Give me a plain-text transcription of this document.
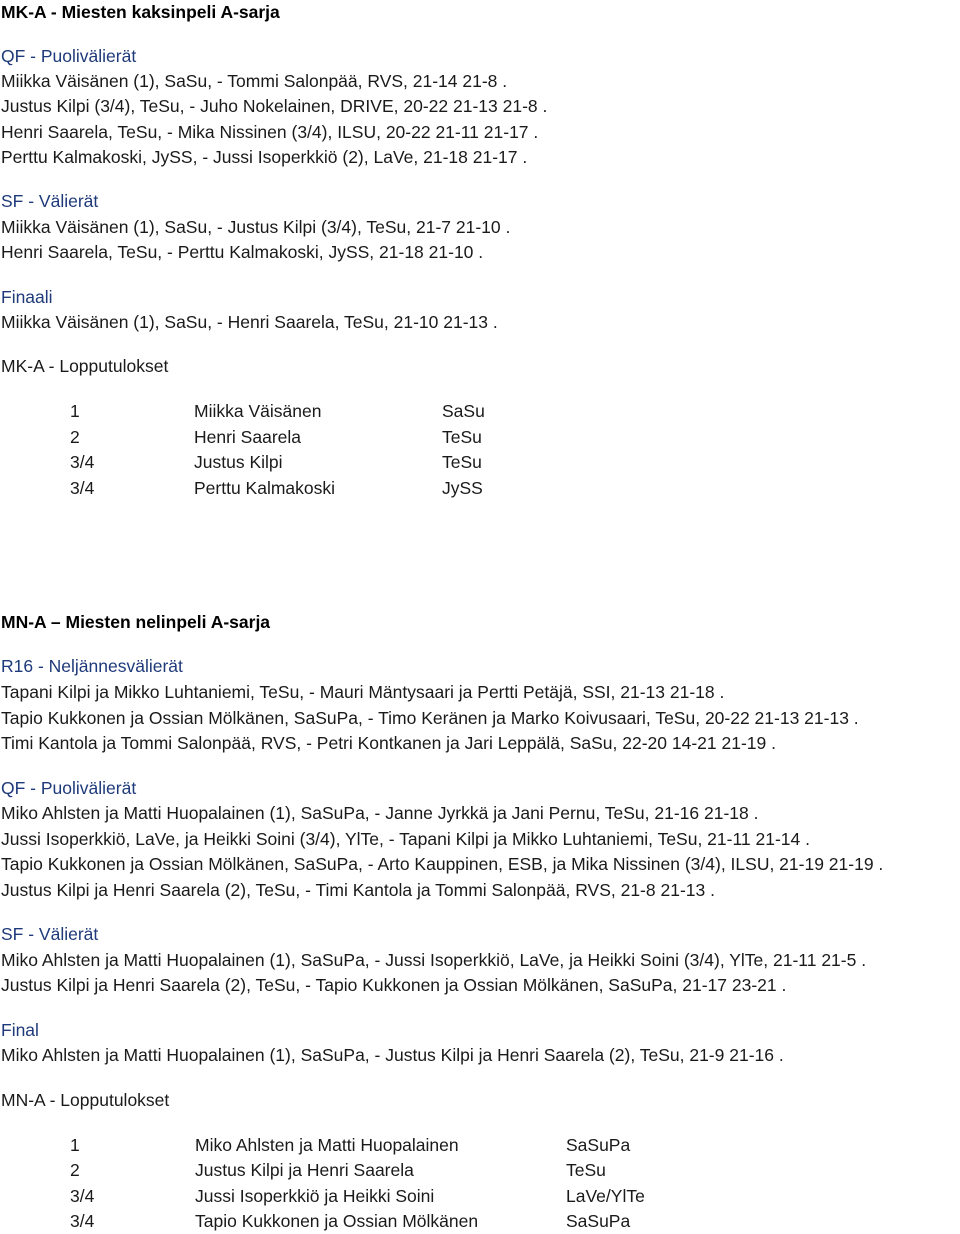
MK-A - Miesten kaksinpeli A-sarja
QF - Puolivälierät
Miikka Väisänen (1), SaSu, - Tommi Salonpää, RVS, 21-14 21-8 .
Justus Kilpi (3/4), TeSu, - Juho Nokelainen, DRIVE, 20-22 21-13 21-8 .
Henri Saarela, TeSu, - Mika Nissinen (3/4), ILSU, 20-22 21-11 21-17 .
Perttu Kalmakoski, JySS, - Jussi Isoperkkiö (2), LaVe, 21-18 21-17 .
SF - Välierät
Miikka Väisänen (1), SaSu, - Justus Kilpi (3/4), TeSu, 21-7 21-10 .
Henri Saarela, TeSu, - Perttu Kalmakoski, JySS, 21-18 21-10 .
Finaali
Miikka Väisänen (1), SaSu, - Henri Saarela, TeSu, 21-10 21-13 .
MK-A - Lopputulokset
1	Miikka Väisänen	SaSu
2	Henri Saarela	TeSu
3/4	Justus Kilpi	TeSu
3/4	Perttu Kalmakoski	JySS
MN-A – Miesten nelinpeli A-sarja
R16 - Neljännesvälierät
Tapani Kilpi ja Mikko Luhtaniemi, TeSu, - Mauri Mäntysaari ja Pertti Petäjä, SSI, 21-13 21-18 .
Tapio Kukkonen ja Ossian Mölkänen, SaSuPa, - Timo Keränen ja Marko Koivusaari, TeSu, 20-22 21-13 21-13 .
Timi Kantola ja Tommi Salonpää, RVS, - Petri Kontkanen ja Jari Leppälä, SaSu, 22-20 14-21 21-19 .
QF - Puolivälierät
Miko Ahlsten ja Matti Huopalainen (1), SaSuPa, - Janne Jyrkkä ja Jani Pernu, TeSu, 21-16 21-18 .
Jussi Isoperkkiö, LaVe, ja Heikki Soini (3/4), YlTe, - Tapani Kilpi ja Mikko Luhtaniemi, TeSu, 21-11 21-14 .
Tapio Kukkonen ja Ossian Mölkänen, SaSuPa, - Arto Kauppinen, ESB, ja Mika Nissinen (3/4), ILSU, 21-19 21-19 .
Justus Kilpi ja Henri Saarela (2), TeSu, - Timi Kantola ja Tommi Salonpää, RVS, 21-8 21-13 .
SF - Välierät
Miko Ahlsten ja Matti Huopalainen (1), SaSuPa, - Jussi Isoperkkiö, LaVe, ja Heikki Soini (3/4), YlTe, 21-11 21-5 .
Justus Kilpi ja Henri Saarela (2), TeSu, - Tapio Kukkonen ja Ossian Mölkänen, SaSuPa, 21-17 23-21 .
Final
Miko Ahlsten ja Matti Huopalainen (1), SaSuPa, - Justus Kilpi ja Henri Saarela (2), TeSu, 21-9 21-16 .
MN-A - Lopputulokset
1	Miko Ahlsten ja Matti Huopalainen	SaSuPa
2	Justus Kilpi ja Henri Saarela	TeSu
3/4	Jussi Isoperkkiö ja Heikki Soini	LaVe/YlTe
3/4	Tapio Kukkonen ja Ossian Mölkänen	SaSuPa
